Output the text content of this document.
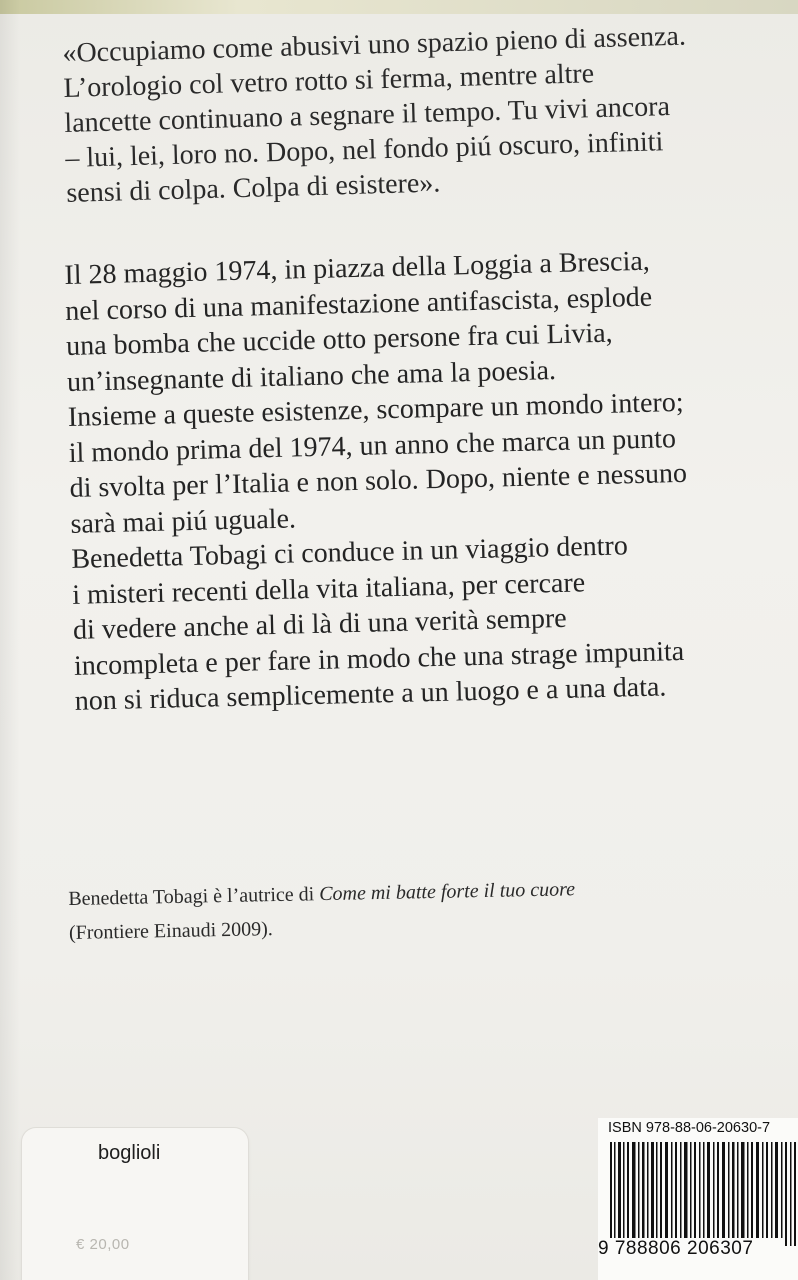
«Occupiamo come abusivi uno spazio pieno di assenza.
L’orologio col vetro rotto si ferma, mentre altre
lancette continuano a segnare il tempo. Tu vivi ancora
– lui, lei, loro no. Dopo, nel fondo piú oscuro, infiniti
sensi di colpa. Colpa di esistere».
Il 28 maggio 1974, in piazza della Loggia a Brescia,
nel corso di una manifestazione antifascista, esplode
una bomba che uccide otto persone fra cui Livia,
un’insegnante di italiano che ama la poesia.
Insieme a queste esistenze, scompare un mondo intero;
il mondo prima del 1974, un anno che marca un punto
di svolta per l’Italia e non solo. Dopo, niente e nessuno
sarà mai piú uguale.
Benedetta Tobagi ci conduce in un viaggio dentro
i misteri recenti della vita italiana, per cercare
di vedere anche al di là di una verità sempre
incompleta e per fare in modo che una strage impunita
non si riduca semplicemente a un luogo e a una data.
Benedetta Tobagi è l’autrice di Come mi batte forte il tuo cuore
(Frontiere Einaudi 2009).
boglioli
€ 20,00
ISBN 978-88-06-20630-7
9 788806 206307
